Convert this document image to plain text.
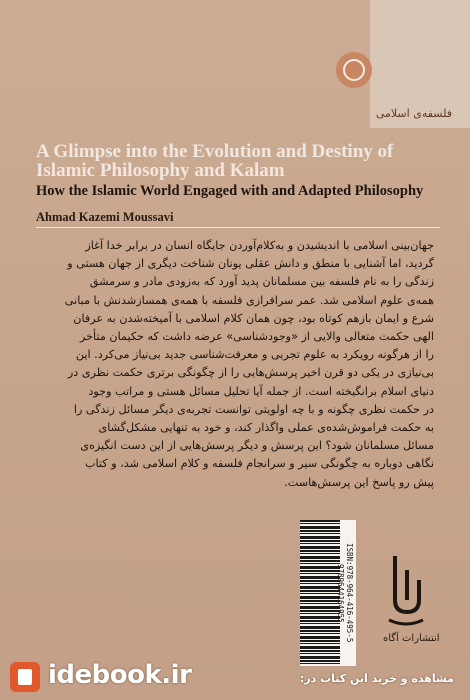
فلسفه‌ی اسلامی
A Glimpse into the Evolution and Destiny of Islamic Philosophy and Kalam
How the Islamic World Engaged with and Adapted Philosophy
Ahmad Kazemi Moussavi
جهان‌بینی اسلامی با اندیشیدن و به‌کلام‌آوردن جایگاه انسان در برابر خدا آغاز
گردید، اما آشنایی با منطق و دانش عقلی یونان شناخت دیگری از جهان هستی و
زندگی را به نام فلسفه بین مسلمانان پدید آورد که به‌زودی مادر و سرمشق
همه‌ی علوم اسلامی شد. عمر سرافرازی فلسفه با همه‌ی همسازشدنش با مبانی
شرع و ایمان بازهم کوتاه بود، چون همان کلام اسلامی با آمیخته‌شدن به عرفان
الهی حکمت متعالی والایی از «وجودشناسی» عرضه داشت که حکیمان متأخر
را از هرگونه رویکرد به علوم تجربی و معرفت‌شناسی جدید بی‌نیاز می‌کرد. این
بی‌نیازی در یکی دو قرن اخیر پرسش‌هایی را از چگونگی برتری حکمت نظری در
دنیای اسلام برانگیخته است. از جمله آیا تحلیل مسائل هستی و مراتب وجود
در حکمت نظری چگونه و با چه اولویتی توانست تجربه‌ی دیگر مسائل زندگی را
به حکمت فراموش‌شده‌ی عملی واگذار کند، و خود به تنهایی مشکل‌گشای
مسائل مسلمانان شود؟ این پرسش و دیگر پرسش‌هایی از این دست انگیزه‌ی
نگاهی دوباره به چگونگی سیر و سرانجام فلسفه و کلام اسلامی شد، و کتاب
پیش رو پاسخ این پرسش‌هاست.
ISBN:978-964-416-495-5 9789644164955
انتشارات آگاه
idebook.ir	مشاهده و خرید این کتاب در:
